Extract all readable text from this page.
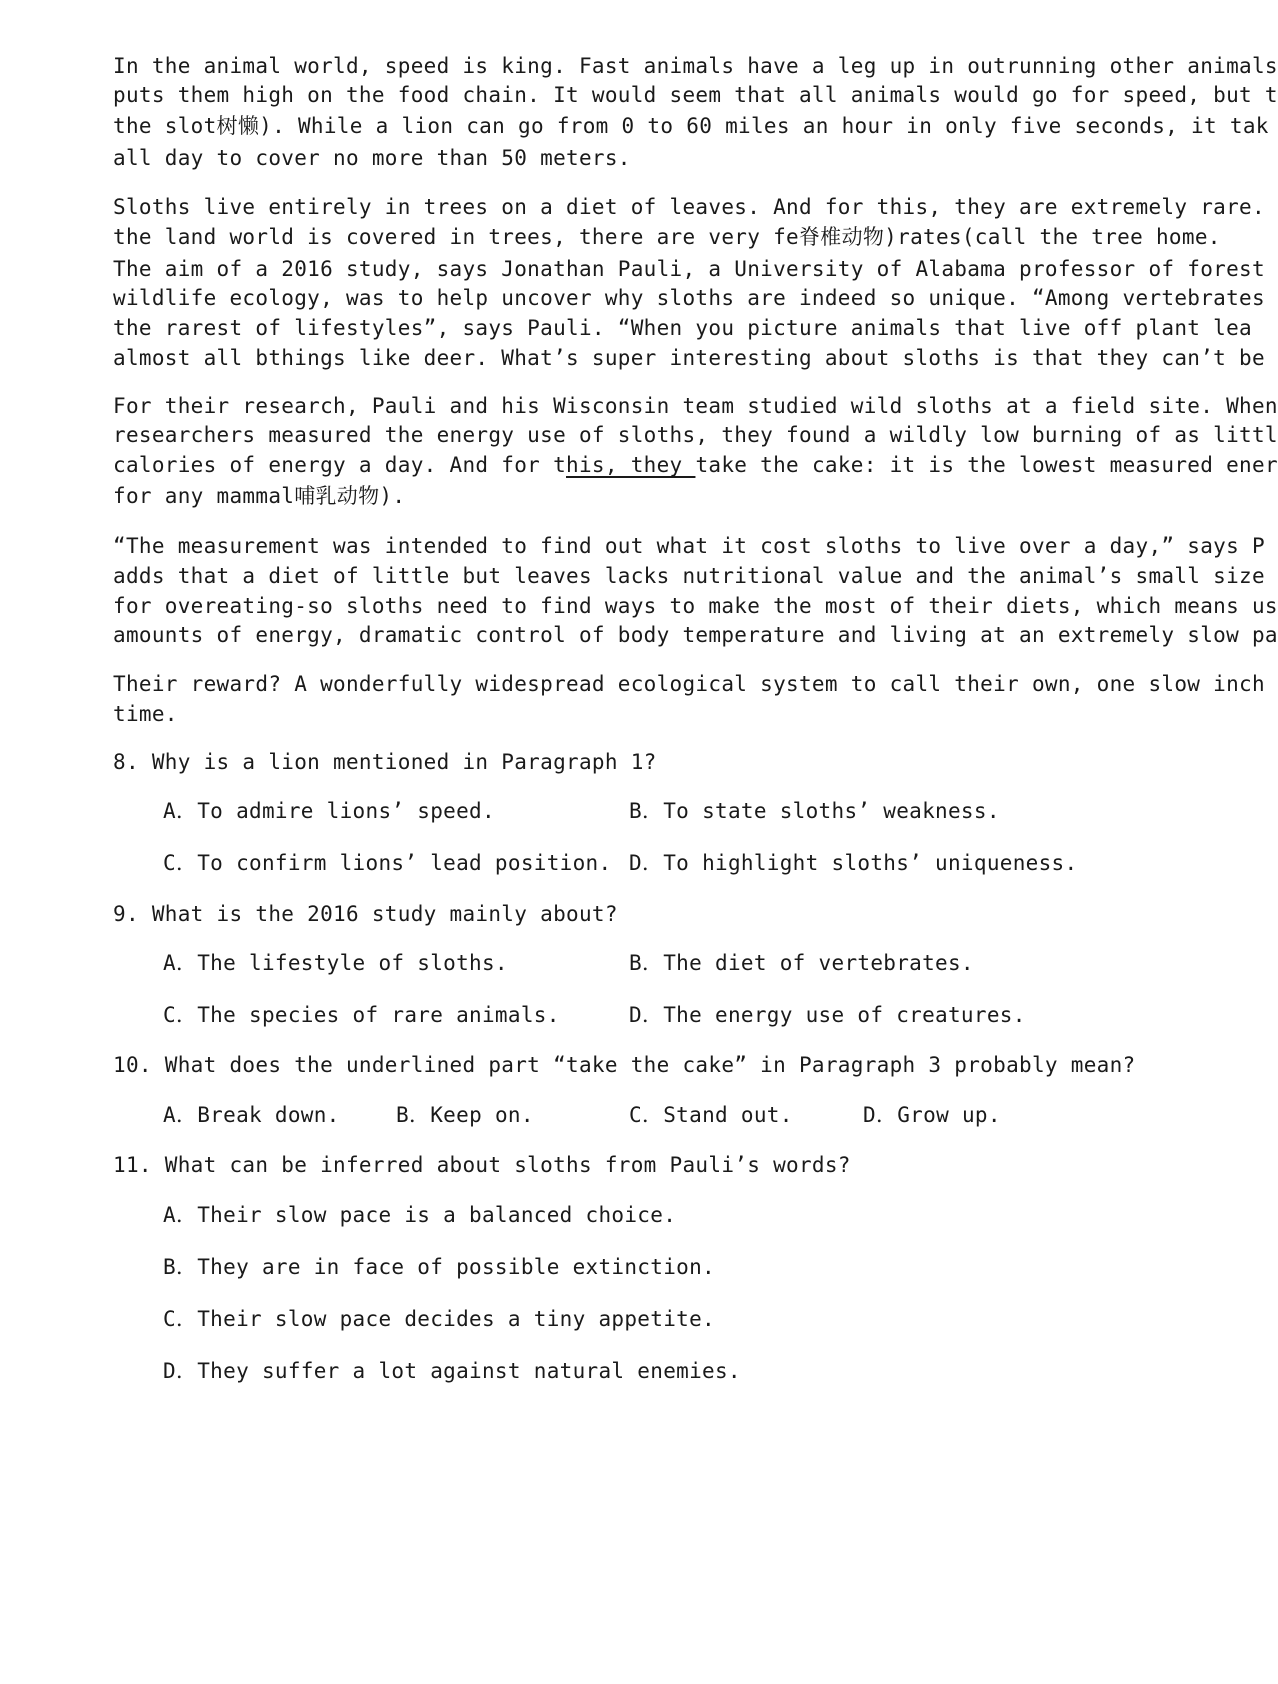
In the animal world, speed is king. Fast animals have a leg up in outrunning other animals
puts them high on the food chain. It would seem that all animals would go for speed, but t
the slot树懒). While a lion can go from 0 to 60 miles an hour in only five seconds, it tak
all day to cover no more than 50 meters.
Sloths live entirely in trees on a diet of leaves. And for this, they are extremely rare.
the land world is covered in trees, there are very fe脊椎动物)rates(call the tree home.
The aim of a 2016 study, says Jonathan Pauli, a University of Alabama professor of forest
wildlife ecology, was to help uncover why sloths are indeed so unique. “Among vertebrates
the rarest of lifestyles”, says Pauli. “When you picture animals that live off plant lea
almost all bthings like deer. What’s super interesting about sloths is that they can’t be
For their research, Pauli and his Wisconsin team studied wild sloths at a field site. When
researchers measured the energy use of sloths, they found a wildly low burning of as littl
calories of energy a day. And for this, they take the cake: it is the lowest measured ener
for any mammal哺乳动物).
“The measurement was intended to find out what it cost sloths to live over a day,” says P
adds that a diet of little but leaves lacks nutritional value and the animal’s small size
for overeating-so sloths need to find ways to make the most of their diets, which means us
amounts of energy, dramatic control of body temperature and living at an extremely slow pa
Their reward? A wonderfully widespread ecological system to call their own, one slow inch
time.
8. Why is a lion mentioned in Paragraph 1?
A．To admire lions’ speed.	B．To state sloths’ weakness.
C．To confirm lions’ lead position. D．To highlight sloths’ uniqueness.
9. What is the 2016 study mainly about?
A．The lifestyle of sloths.	B．The diet of vertebrates.
C．The species of rare animals.	D．The energy use of creatures.
10. What does the underlined part “take the cake” in Paragraph 3 probably mean?
A．Break down.	B．Keep on.	C．Stand out.	D．Grow up.
11. What can be inferred about sloths from Pauli’s words?
A．Their slow pace is a balanced choice.
B．They are in face of possible extinction.
C．Their slow pace decides a tiny appetite.
D．They suffer a lot against natural enemies.
